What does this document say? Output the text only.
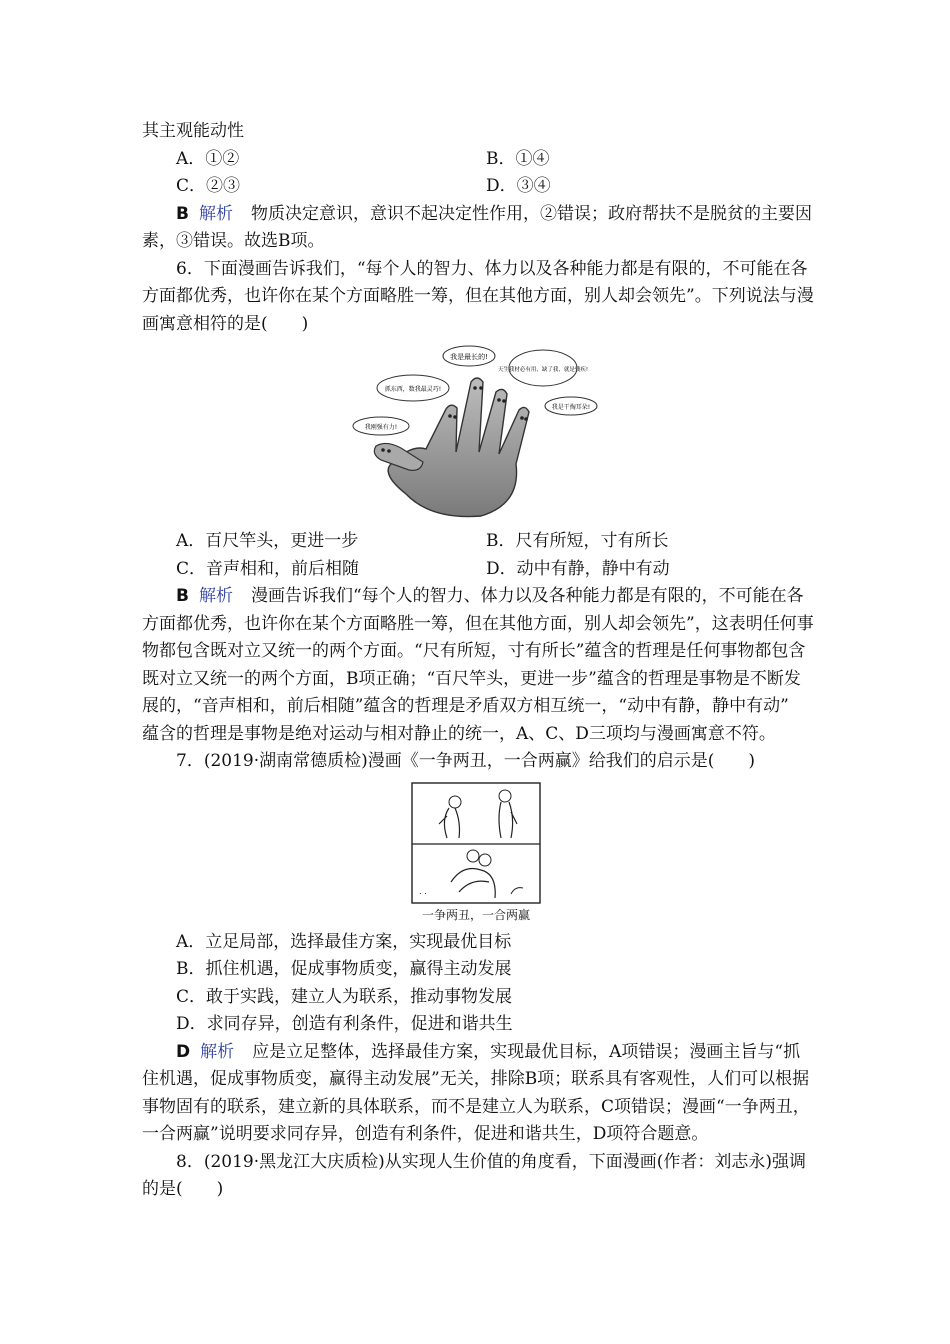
其主观能动性
A．①②	B．①④
C．②③	D．③④
B 解析 物质决定意识，意识不起决定性作用，②错误；政府帮扶不是脱贫的主要因
素，③错误。故选B项。
6．下面漫画告诉我们，“每个人的智力、体力以及各种能力都是有限的，不可能在各
方面都优秀，也许你在某个方面略胜一筹，但在其他方面，别人却会领先”。下列说法与漫
画寓意相符的是(　　)
我是最长的!
天生我材必有用，缺了我，就是残疾!
抓东西，数我最灵巧!
我是干掏耳朵!
我刚强有力!
A．百尺竿头，更进一步	B．尺有所短，寸有所长
C．音声相和，前后相随	D．动中有静，静中有动
B 解析 漫画告诉我们“每个人的智力、体力以及各种能力都是有限的，不可能在各
方面都优秀，也许你在某个方面略胜一筹，但在其他方面，别人却会领先”，这表明任何事
物都包含既对立又统一的两个方面。“尺有所短，寸有所长”蕴含的哲理是任何事物都包含
既对立又统一的两个方面，B项正确；“百尺竿头，更进一步”蕴含的哲理是事物是不断发
展的，“音声相和，前后相随”蕴含的哲理是矛盾双方相互统一，“动中有静，静中有动”
蕴含的哲理是事物是绝对运动与相对静止的统一，A、C、D三项均与漫画寓意不符。
7．(2019·湖南常德质检)漫画《一争两丑，一合两赢》给我们的启示是(　　)
. .
一争两丑，一合两赢
A．立足局部，选择最佳方案，实现最优目标
B．抓住机遇，促成事物质变，赢得主动发展
C．敢于实践，建立人为联系，推动事物发展
D．求同存异，创造有利条件，促进和谐共生
D 解析 应是立足整体，选择最佳方案，实现最优目标，A项错误；漫画主旨与“抓
住机遇，促成事物质变，赢得主动发展”无关，排除B项；联系具有客观性，人们可以根据
事物固有的联系，建立新的具体联系，而不是建立人为联系，C项错误；漫画“一争两丑，
一合两赢”说明要求同存异，创造有利条件，促进和谐共生，D项符合题意。
8．(2019·黑龙江大庆质检)从实现人生价值的角度看，下面漫画(作者：刘志永)强调
的是(　　)
